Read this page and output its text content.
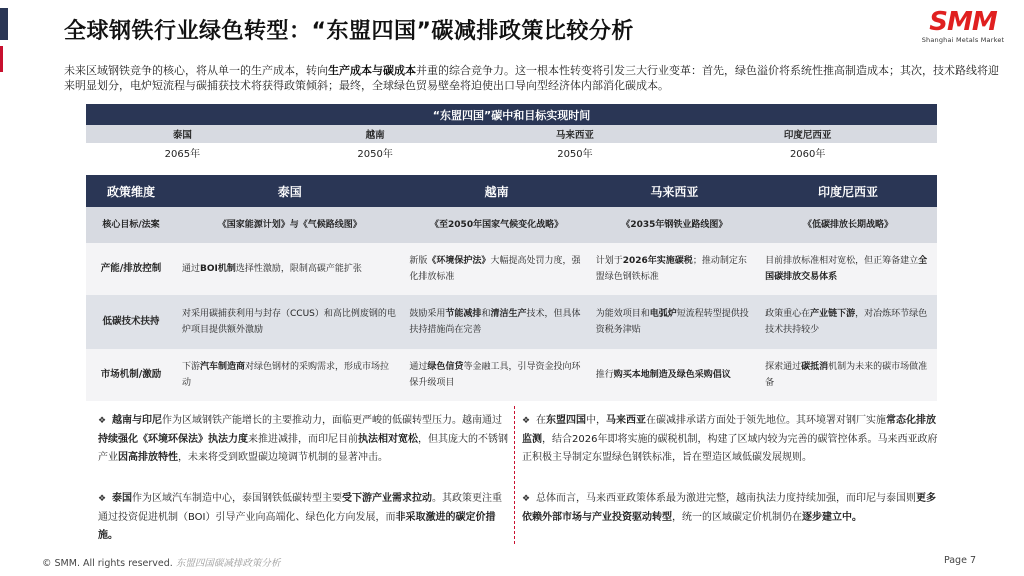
全球钢铁行业绿色转型：“东盟四国”碳减排政策比较分析	SMM
Shanghai Metals Market
未来区域钢铁竞争的核心，将从单一的生产成本，转向生产成本与碳成本并重的综合竞争力。这一根本性转变将引发三大行业变革：首先，绿色溢价将系统性推高制造成本；其次，技术路线将迎来明显划分，电炉短流程与碳捕获技术将获得政策倾斜；最终，全球绿色贸易壁垒将迫使出口导向型经济体内部消化碳成本。
“东盟四国”碳中和目标实现时间			
泰国	越南	马来西亚	印度尼西亚
2065年	2050年	2050年	2060年
政策维度	泰国	越南	马来西亚	印度尼西亚
核心目标/法案	《国家能源计划》与《气候路线图》	《至2050年国家气候变化战略》	《2035年钢铁业路线图》	《低碳排放长期战略》
产能/排放控制	通过BOI机制选择性激励，限制高碳产能扩张	新版《环境保护法》大幅提高处罚力度，强化排放标准	计划于2026年实施碳税；推动制定东盟绿色钢铁标准	目前排放标准相对宽松，但正筹备建立全国碳排放交易体系
低碳技术扶持	对采用碳捕获利用与封存（CCUS）和高比例废钢的电炉项目提供额外激励	鼓励采用节能减排和清洁生产技术，但具体扶持措施尚在完善	为能效项目和电弧炉短流程转型提供投资税务津贴	政策重心在产业链下游，对冶炼环节绿色技术扶持较少
市场机制/激励	下游汽车制造商对绿色钢材的采购需求，形成市场拉动	通过绿色信贷等金融工具，引导资金投向环保升级项目	推行购买本地制造及绿色采购倡议	探索通过碳抵消机制为未来的碳市场做准备
❖ 越南与印尼作为区域钢铁产能增长的主要推动力，面临更严峻的低碳转型压力。越南通过持续强化《环境环保法》执法力度来推进减排，而印尼目前执法相对宽松，但其庞大的不锈钢产业因高排放特性，未来将受到欧盟碳边境调节机制的显著冲击。
❖ 泰国作为区域汽车制造中心，泰国钢铁低碳转型主要受下游产业需求拉动。其政策更注重通过投资促进机制（BOI）引导产业向高端化、绿色化方向发展，而非采取激进的碳定价措施。
❖ 在东盟四国中，马来西亚在碳减排承诺方面处于领先地位。其环境署对钢厂实施常态化排放监测，结合2026年即将实施的碳税机制，构建了区域内较为完善的碳管控体系。马来西亚政府正积极主导制定东盟绿色钢铁标准，旨在塑造区域低碳发展规则。
❖ 总体而言，马来西亚政策体系最为激进完整，越南执法力度持续加强，而印尼与泰国则更多依赖外部市场与产业投资驱动转型，统一的区域碳定价机制仍在逐步建立中。
© SMM. All rights reserved. 东盟四国碳减排政策分析	Page 7
